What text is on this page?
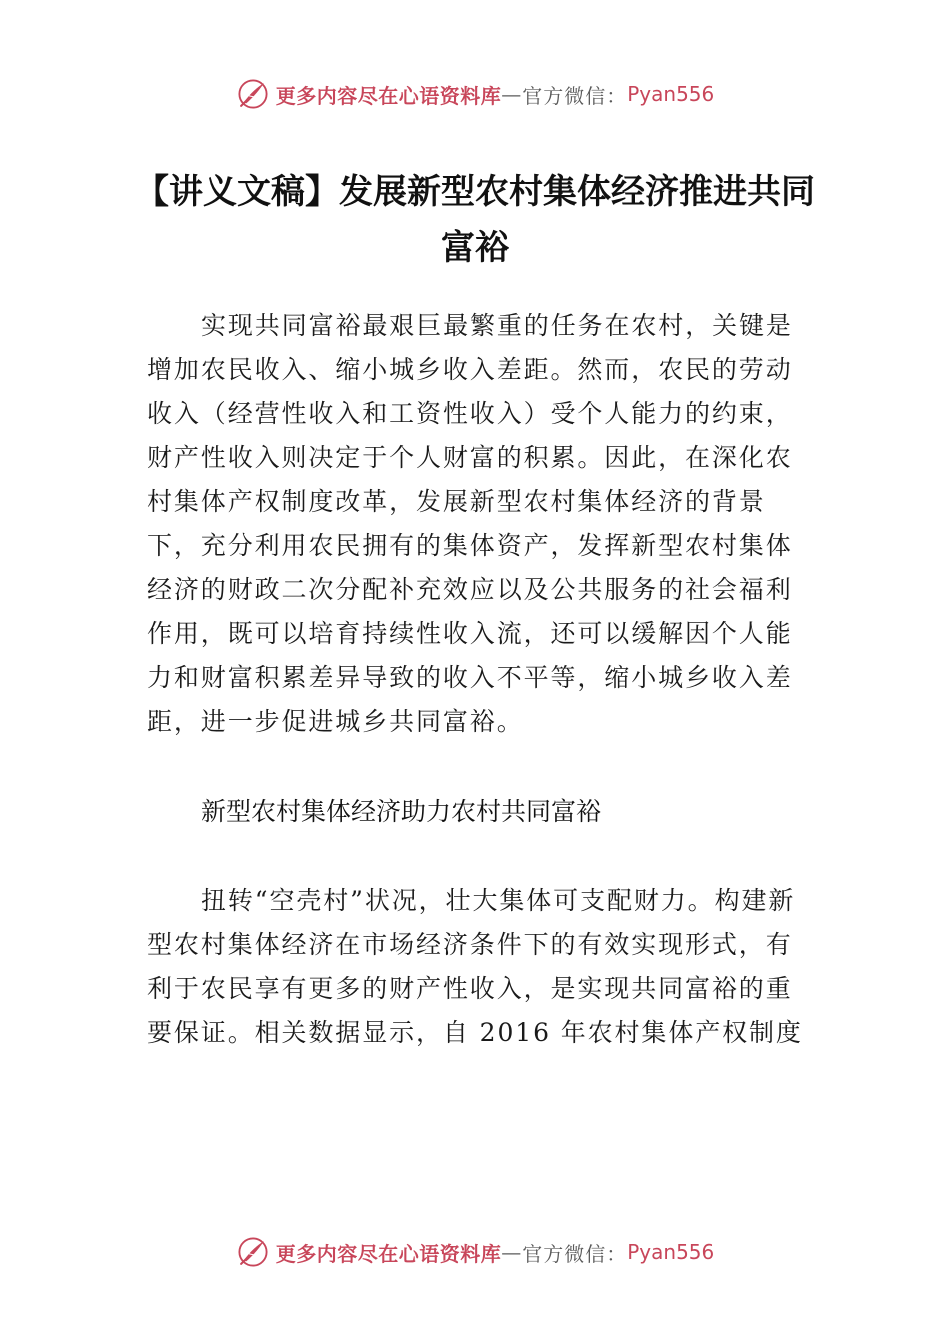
更多内容尽在心语资料库 — 官方微信： Pyan556
【讲义文稿】发展新型农村集体经济推进共同富裕

实现共同富裕最艰巨最繁重的任务在农村，关键是增加农民收入、缩小城乡收入差距。然而，农民的劳动收入（经营性收入和工资性收入）受个人能力的约束，财产性收入则决定于个人财富的积累。因此，在深化农村集体产权制度改革，发展新型农村集体经济的背景下，充分利用农民拥有的集体资产，发挥新型农村集体经济的财政二次分配补充效应以及公共服务的社会福利作用，既可以培育持续性收入流，还可以缓解因个人能力和财富积累差异导致的收入不平等，缩小城乡收入差距，进一步促进城乡共同富裕。

新型农村集体经济助力农村共同富裕

扭转“空壳村”状况，壮大集体可支配财力。构建新型农村集体经济在市场经济条件下的有效实现形式，有利于农民享有更多的财产性收入，是实现共同富裕的重要保证。相关数据显示，自 2016 年农村集体产权制度

更多内容尽在心语资料库 — 官方微信： Pyan556
